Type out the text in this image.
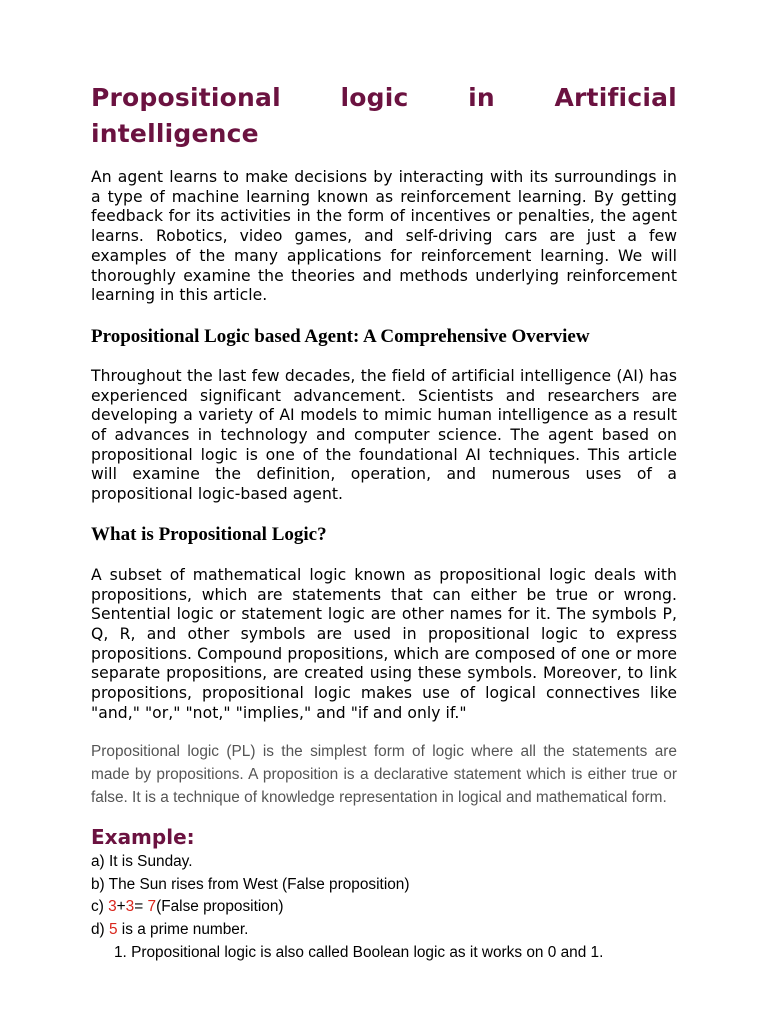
Propositional logic in Artificial
intelligence

An agent learns to make decisions by interacting with its surroundings in a type of machine learning known as reinforcement learning. By getting feedback for its activities in the form of incentives or penalties, the agent learns. Robotics, video games, and self-driving cars are just a few examples of the many applications for reinforcement learning. We will thoroughly examine the theories and methods underlying reinforcement learning in this article.

Propositional Logic based Agent: A Comprehensive Overview

Throughout the last few decades, the field of artificial intelligence (AI) has experienced significant advancement. Scientists and researchers are developing a variety of AI models to mimic human intelligence as a result of advances in technology and computer science. The agent based on propositional logic is one of the foundational AI techniques. This article will examine the definition, operation, and numerous uses of a propositional logic-based agent.

What is Propositional Logic?

A subset of mathematical logic known as propositional logic deals with propositions, which are statements that can either be true or wrong. Sentential logic or statement logic are other names for it. The symbols P, Q, R, and other symbols are used in propositional logic to express propositions. Compound propositions, which are composed of one or more separate propositions, are created using these symbols. Moreover, to link propositions, propositional logic makes use of logical connectives like "and," "or," "not," "implies," and "if and only if."

Propositional logic (PL) is the simplest form of logic where all the statements are made by propositions. A proposition is a declarative statement which is either true or false. It is a technique of knowledge representation in logical and mathematical form.

Example:

a) It is Sunday.

b) The Sun rises from West (False proposition)

c) 3+3= 7(False proposition)

d) 5 is a prime number.

1. Propositional logic is also called Boolean logic as it works on 0 and 1.
